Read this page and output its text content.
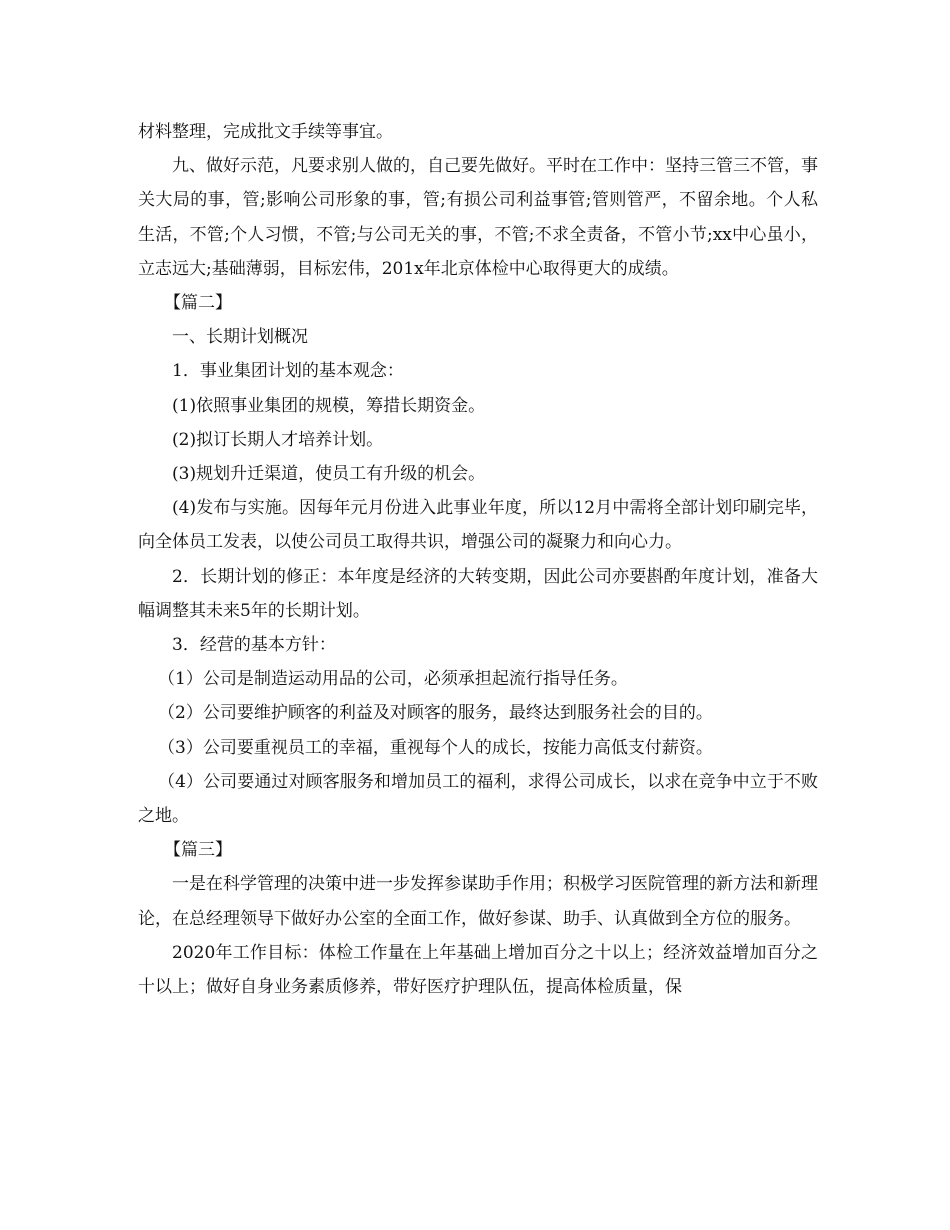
材料整理，完成批文手续等事宜。

九、做好示范，凡要求别人做的，自己要先做好。平时在工作中：坚持三管三不管，事关大局的事，管;影响公司形象的事，管;有损公司利益事管;管则管严，不留余地。个人私生活，不管;个人习惯，不管;与公司无关的事，不管;不求全责备，不管小节;xx中心虽小，立志远大;基础薄弱，目标宏伟，201x年北京体检中心取得更大的成绩。

【篇二】

一、长期计划概况

1．事业集团计划的基本观念：

(1)依照事业集团的规模，筹措长期资金。

(2)拟订长期人才培养计划。

(3)规划升迁渠道，使员工有升级的机会。

(4)发布与实施。因每年元月份进入此事业年度，所以12月中需将全部计划印刷完毕，向全体员工发表，以使公司员工取得共识，增强公司的凝聚力和向心力。

2．长期计划的修正：本年度是经济的大转变期，因此公司亦要斟酌年度计划，准备大幅调整其未来5年的长期计划。

3．经营的基本方针：

（1）公司是制造运动用品的公司，必须承担起流行指导任务。

（2）公司要维护顾客的利益及对顾客的服务，最终达到服务社会的目的。

（3）公司要重视员工的幸福，重视每个人的成长，按能力高低支付薪资。

（4）公司要通过对顾客服务和增加员工的福利，求得公司成长，以求在竞争中立于不败之地。

【篇三】

一是在科学管理的决策中进一步发挥参谋助手作用；积极学习医院管理的新方法和新理论，在总经理领导下做好办公室的全面工作，做好参谋、助手、认真做到全方位的服务。

2020年工作目标：体检工作量在上年基础上增加百分之十以上；经济效益增加百分之十以上；做好自身业务素质修养，带好医疗护理队伍，提高体检质量，保
